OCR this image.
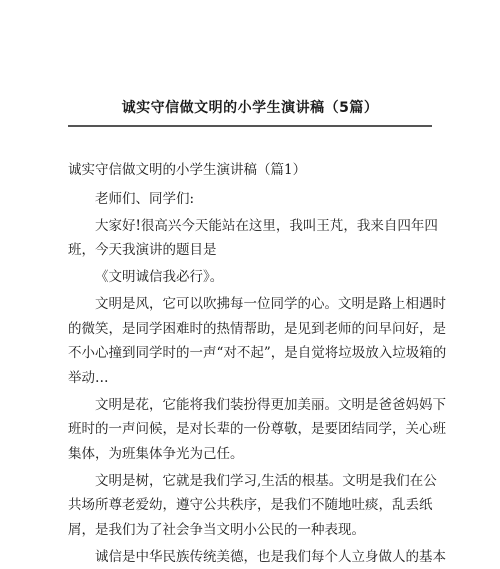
诚实守信做文明的小学生演讲稿（5篇）

诚实守信做文明的小学生演讲稿（篇1）

老师们、同学们:

大家好!很高兴今天能站在这里，我叫王芃，我来自四年四班，今天我演讲的题目是

《文明诚信我必行》。

文明是风，它可以吹拂每一位同学的心。文明是路上相遇时的微笑，是同学困难时的热情帮助，是见到老师的问早问好，是不小心撞到同学时的一声“对不起”，是自觉将垃圾放入垃圾箱的举动…

文明是花，它能将我们装扮得更加美丽。文明是爸爸妈妈下班时的一声问候，是对长辈的一份尊敬，是要团结同学，关心班集体，为班集体争光为己任。

文明是树，它就是我们学习,生活的根基。文明是我们在公共场所尊老爱幼，遵守公共秩序，是我们不随地吐痰，乱丢纸屑，是我们为了社会争当文明小公民的一种表现。

诚信是中华民族传统美德，也是我们每个人立身做人的基本
